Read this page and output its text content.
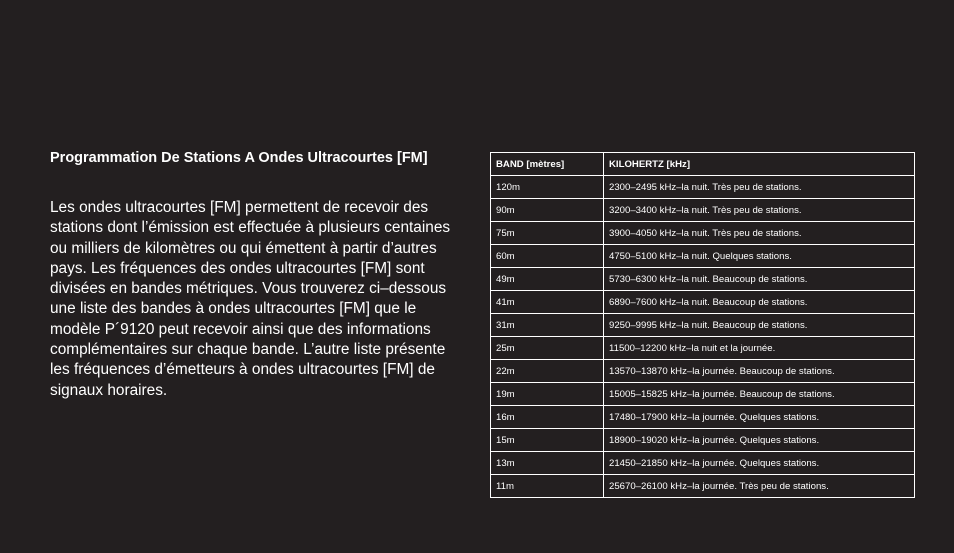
Programmation De Stations A Ondes Ultracourtes [FM]

Les ondes ultracourtes [FM] permettent de recevoir des stations dont l’émission est effectuée à plusieurs centaines ou milliers de kilomètres ou qui émettent à partir d’autres pays. Les fréquences des ondes ultracourtes [FM] sont divisées en bandes métriques. Vous trouverez ci–dessous une liste des bandes à ondes ultracourtes [FM] que le modèle P´9120 peut recevoir ainsi que des informations complémentaires sur chaque bande. L’autre liste présente les fréquences d’émetteurs à ondes ultracourtes [FM] de signaux horaires.

BAND [mètres]	KILOHERTZ [kHz]
120m	2300–2495 kHz–la nuit. Très peu de stations.
90m	3200–3400 kHz–la nuit. Très peu de stations.
75m	3900–4050 kHz–la nuit. Très peu de stations.
60m	4750–5100 kHz–la nuit. Quelques stations.
49m	5730–6300 kHz–la nuit. Beaucoup de stations.
41m	6890–7600 kHz–la nuit. Beaucoup de stations.
31m	9250–9995 kHz–la nuit. Beaucoup de stations.
25m	11500–12200 kHz–la nuit et la journée.
22m	13570–13870 kHz–la journée. Beaucoup de stations.
19m	15005–15825 kHz–la journée. Beaucoup de stations.
16m	17480–17900 kHz–la journée. Quelques stations.
15m	18900–19020 kHz–la journée. Quelques stations.
13m	21450–21850 kHz–la journée. Quelques stations.
11m	25670–26100 kHz–la journée. Très peu de stations.
